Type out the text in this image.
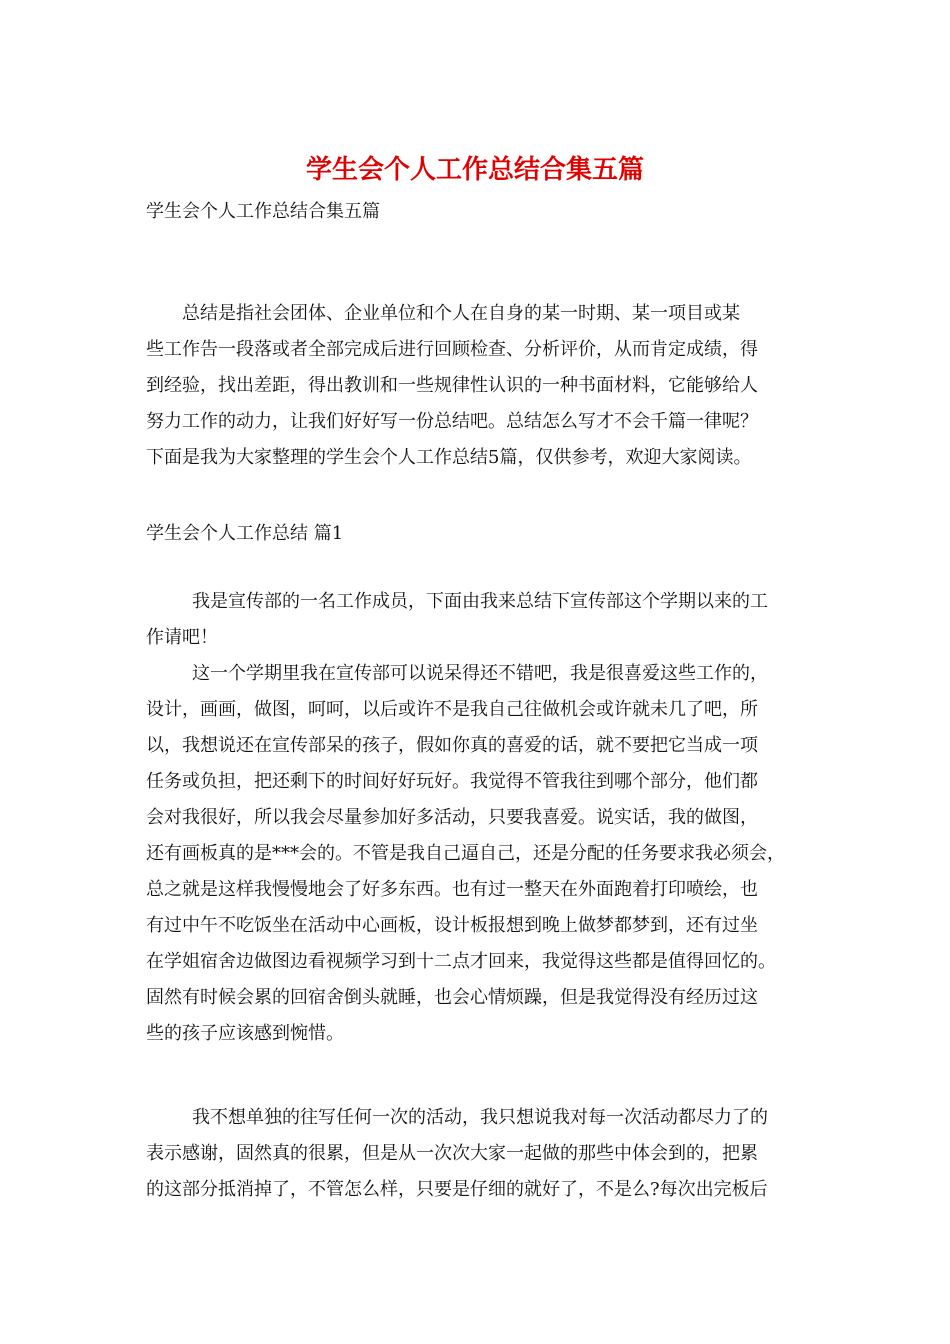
学生会个人工作总结合集五篇
学生会个人工作总结合集五篇
总结是指社会团体、企业单位和个人在自身的某一时期、某一项目或某
些工作告一段落或者全部完成后进行回顾检查、分析评价，从而肯定成绩，得
到经验，找出差距，得出教训和一些规律性认识的一种书面材料，它能够给人
努力工作的动力，让我们好好写一份总结吧。总结怎么写才不会千篇一律呢？
下面是我为大家整理的学生会个人工作总结5篇，仅供参考，欢迎大家阅读。
学生会个人工作总结 篇1
我是宣传部的一名工作成员，下面由我来总结下宣传部这个学期以来的工
作请吧！
这一个学期里我在宣传部可以说呆得还不错吧，我是很喜爱这些工作的，
设计，画画，做图，呵呵，以后或许不是我自己往做机会或许就未几了吧，所
以，我想说还在宣传部呆的孩子，假如你真的喜爱的话，就不要把它当成一项
任务或负担，把还剩下的时间好好玩好。我觉得不管我往到哪个部分，他们都
会对我很好，所以我会尽量参加好多活动，只要我喜爱。说实话，我的做图，
还有画板真的是***会的。不管是我自己逼自己，还是分配的任务要求我必须会，
总之就是这样我慢慢地会了好多东西。也有过一整天在外面跑着打印喷绘，也
有过中午不吃饭坐在活动中心画板，设计板报想到晚上做梦都梦到，还有过坐
在学姐宿舍边做图边看视频学习到十二点才回来，我觉得这些都是值得回忆的。
固然有时候会累的回宿舍倒头就睡，也会心情烦躁，但是我觉得没有经历过这
些的孩子应该感到惋惜。
我不想单独的往写任何一次的活动，我只想说我对每一次活动都尽力了的
表示感谢，固然真的很累，但是从一次次大家一起做的那些中体会到的，把累
的这部分抵消掉了，不管怎么样，只要是仔细的就好了，不是么?每次出完板后
